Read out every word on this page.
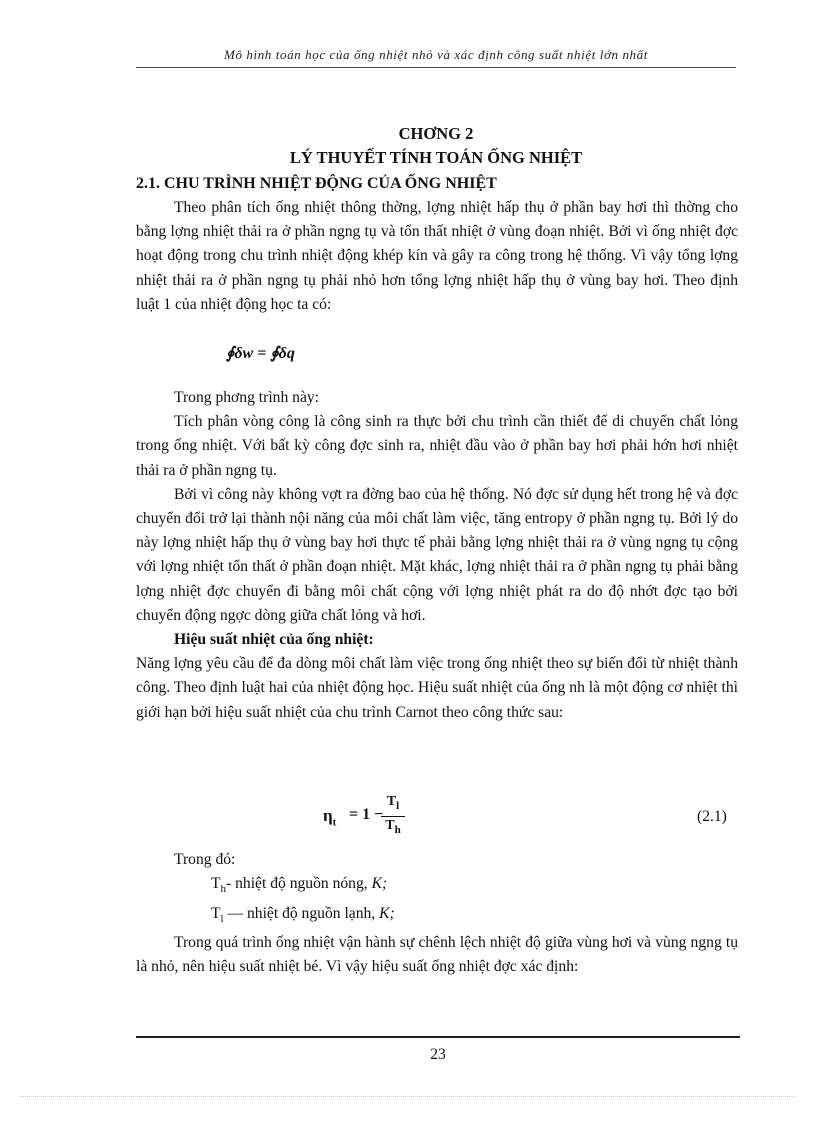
Mô hình toán học của ống nhiệt nhỏ và xác định công suất nhiệt lớn nhất
CHƠNG 2
LÝ THUYẾT TÍNH TOÁN ỐNG NHIỆT
2.1. CHU TRÌNH NHIỆT ĐỘNG CỦA ỐNG NHIỆT

Theo phân tích ống nhiệt thông thờng, lợng nhiệt hấp thụ ở phần bay hơi thì thờng cho bằng lợng nhiệt thải ra ở phần ngng tụ và tổn thất nhiệt ở vùng đoạn nhiệt. Bởi vì ống nhiệt đợc hoạt động trong chu trình nhiệt động khép kín và gây ra công trong hệ thống. Vì vậy tổng lợng nhiệt thải ra ở phần ngng tụ phải nhỏ hơn tổng lợng nhiệt hấp thụ ở vùng bay hơi. Theo định luật 1 của nhiệt động học ta có:

∮δw = ∮δq

Trong phơng trình này:

Tích phân vòng công là công sinh ra thực bởi chu trình cần thiết để di chuyển chất lỏng trong ống nhiệt. Với bất kỳ công đợc sinh ra, nhiệt đầu vào ở phần bay hơi phải hớn hơi nhiệt thải ra ở phần ngng tụ.

Bởi vì công này không vợt ra đờng bao của hệ thống. Nó đợc sử dụng hết trong hệ và đợc chuyển đổi trở lại thành nội năng của môi chất làm việc, tăng entropy ở phần ngng tụ. Bởi lý do này lợng nhiệt hấp thụ ở vùng bay hơi thực tế phải bằng lợng nhiệt thải ra ở vùng ngng tụ cộng với lợng nhiệt tổn thất ở phần đoạn nhiệt. Mặt khác, lợng nhiệt thải ra ở phần ngng tụ phải bằng lợng nhiệt đợc chuyển đi bằng môi chất cộng với lợng nhiệt phát ra do độ nhớt đợc tạo bởi chuyển động ngợc dòng giữa chất lỏng và hơi.

Hiệu suất nhiệt của ống nhiệt:

Năng lợng yêu cầu để đa dòng môi chất làm việc trong ống nhiệt theo sự biến đổi từ nhiệt thành công. Theo định luật hai của nhiệt động học. Hiệu suất nhiệt của ống nh là một động cơ nhiệt thì giới hạn bởi hiệu suất nhiệt của chu trình Carnot theo công thức sau:

$\eta_t = 1$ −
$T_l$
$T_h$
(2.1)

Trong đó:

$T_h-$ nhiệt độ nguồn nóng, K;

$T_l$ — nhiệt độ nguồn lạnh, K;

Trong quá trình ống nhiệt vận hành sự chênh lệch nhiệt độ giữa vùng hơi và vùng ngng tụ là nhỏ, nên hiệu suất nhiệt bé. Vì vậy hiệu suất ống nhiệt đợc xác định:

23
